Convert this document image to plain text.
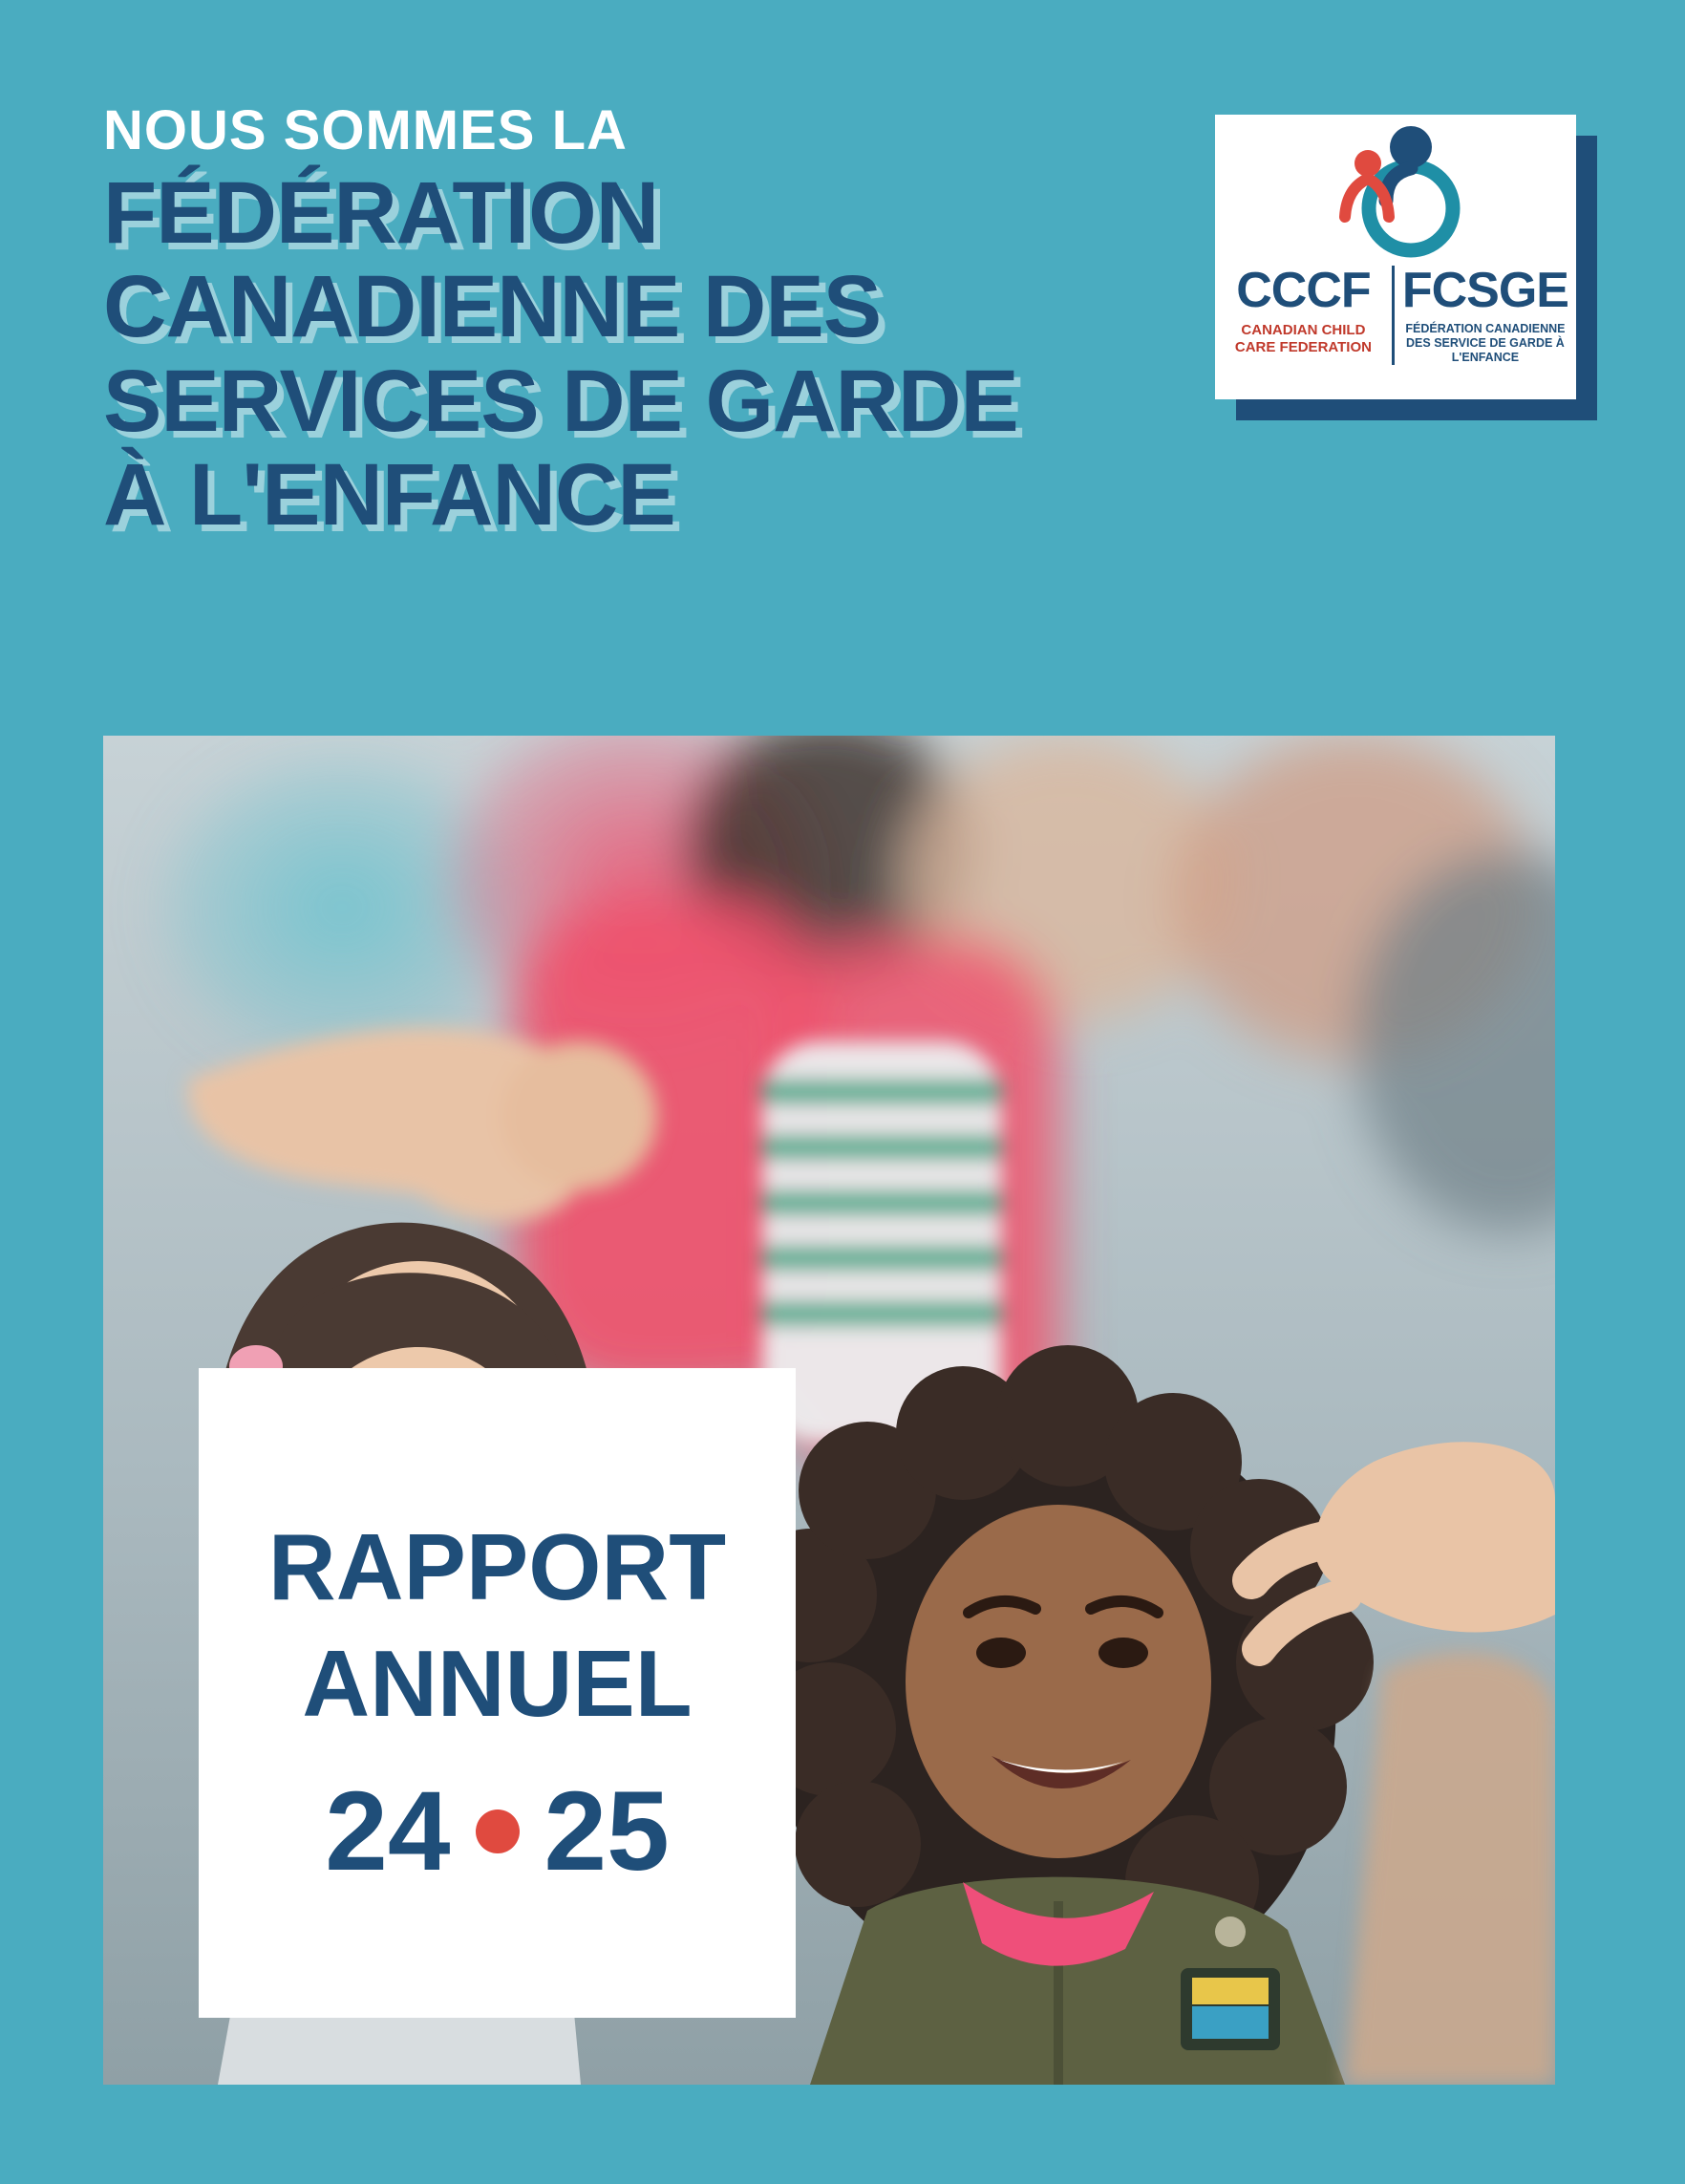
NOUS SOMMES LA
FÉDÉRATION
CANADIENNE DES
SERVICES DE GARDE
À L'ENFANCE
CCCF
CANADIAN CHILD CARE FEDERATION
FCSGE
FÉDÉRATION CANADIENNE DES SERVICE DE GARDE À L'ENFANCE
RAPPORT
ANNUEL
24 25
